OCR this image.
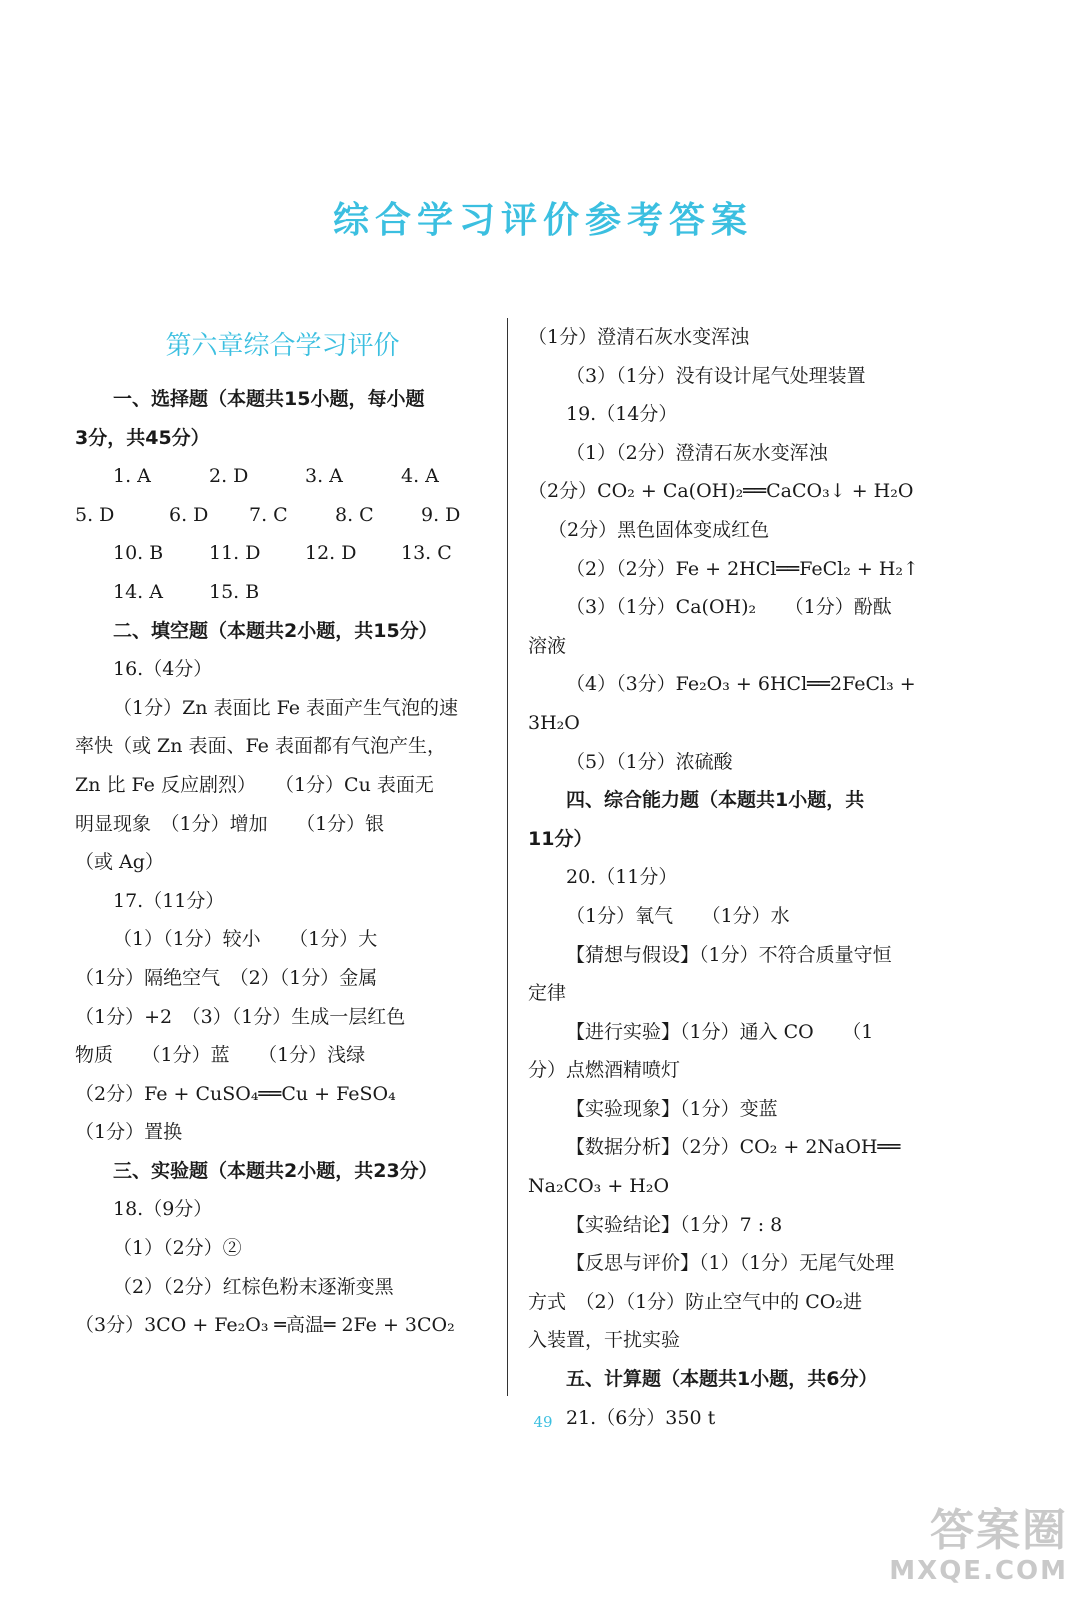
综合学习评价参考答案
第六章综合学习评价
一、选择题（本题共15小题，每小题
3分，共45分）
1. A	2. D	3. A	4. A
5. D	6. D	7. C	8. C	9. D
10. B	11. D	12. D	13. C
14. A	15. B
二、填空题（本题共2小题，共15分）
16.（4分）
（1分）Zn 表面比 Fe 表面产生气泡的速
率快（或 Zn 表面、Fe 表面都有气泡产生，
Zn 比 Fe 反应剧烈）　　（1分）Cu 表面无
明显现象　（1分）增加　　（1分）银
（或 Ag）
17.（11分）
（1）（1分）较小　　（1分）大
（1分）隔绝空气　（2）（1分）金属
（1分）+2　（3）（1分）生成一层红色
物质　　（1分）蓝　　（1分）浅绿
（2分）Fe + CuSO₄══Cu + FeSO₄
（1分）置换
三、实验题（本题共2小题，共23分）
18.（9分）
（1）（2分）②
（2）（2分）红棕色粉末逐渐变黑
（3分）3CO + Fe₂O₃ ═高温═ 2Fe + 3CO₂
（1分）澄清石灰水变浑浊
（3）（1分）没有设计尾气处理装置
19.（14分）
（1）（2分）澄清石灰水变浑浊
（2分）CO₂ + Ca(OH)₂══CaCO₃↓ + H₂O
（2分）黑色固体变成红色
（2）（2分）Fe + 2HCl══FeCl₂ + H₂↑
（3）（1分）Ca(OH)₂　　（1分）酚酞
溶液
（4）（3分）Fe₂O₃ + 6HCl══2FeCl₃ +
3H₂O
（5）（1分）浓硫酸
四、综合能力题（本题共1小题，共
11分）
20.（11分）
（1分）氧气　　（1分）水
【猜想与假设】（1分）不符合质量守恒
定律
【进行实验】（1分）通入 CO　　（1
分）点燃酒精喷灯
【实验现象】（1分）变蓝
【数据分析】（2分）CO₂ + 2NaOH══
Na₂CO₃ + H₂O
【实验结论】（1分）7 : 8
【反思与评价】（1）（1分）无尾气处理
方式　（2）（1分）防止空气中的 CO₂进
入装置，干扰实验
五、计算题（本题共1小题，共6分）
21.（6分）350 t
49
答案圈
MXQE.COM
